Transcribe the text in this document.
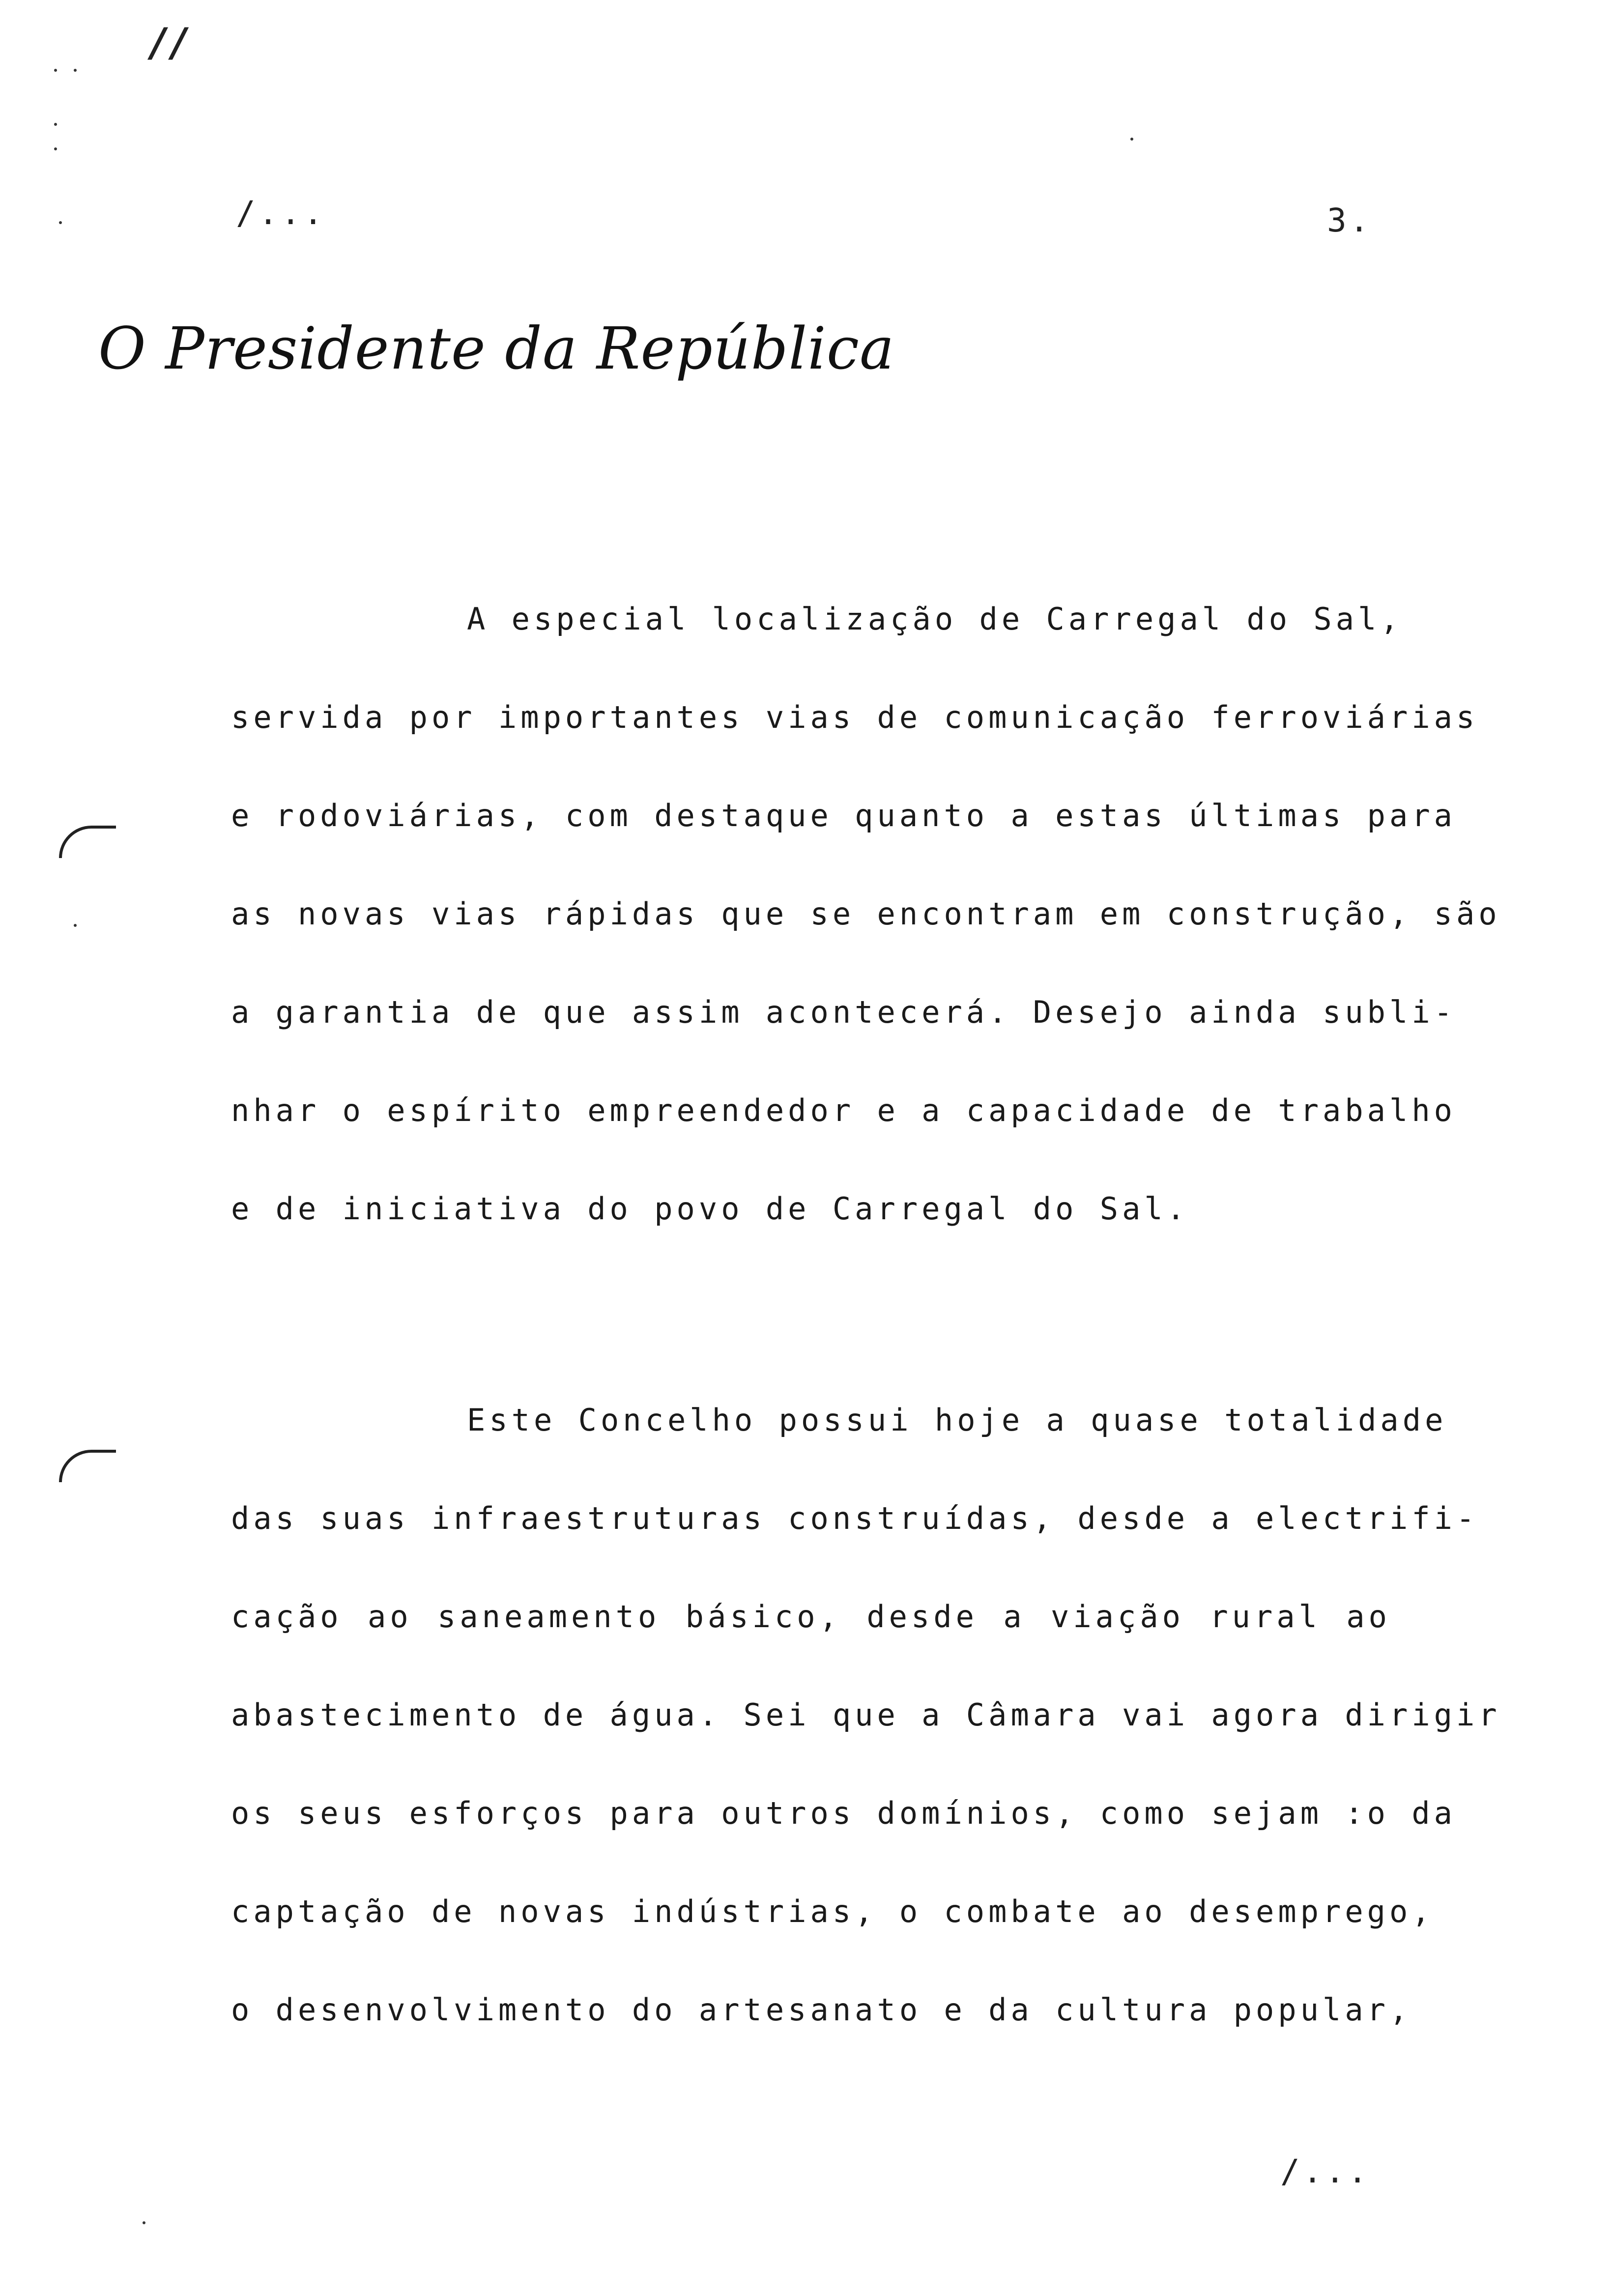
//
/...	3.
O Presidente da República
A especial localização de Carregal do Sal,
servida por importantes vias de comunicação ferroviárias
e rodoviárias, com destaque quanto a estas últimas para
as novas vias rápidas que se encontram em construção, são
a garantia de que assim acontecerá. Desejo ainda subli-
nhar o espírito empreendedor e a capacidade de trabalho
e de iniciativa do povo de Carregal do Sal.
Este Concelho possui hoje a quase totalidade
das suas infraestruturas construídas, desde a electrifi-
cação ao saneamento básico, desde a viação rural ao
abastecimento de água. Sei que a Câmara vai agora dirigir
os seus esforços para outros domínios, como sejam :o da
captação de novas indústrias, o combate ao desemprego,
o desenvolvimento do artesanato e da cultura popular,
/...
